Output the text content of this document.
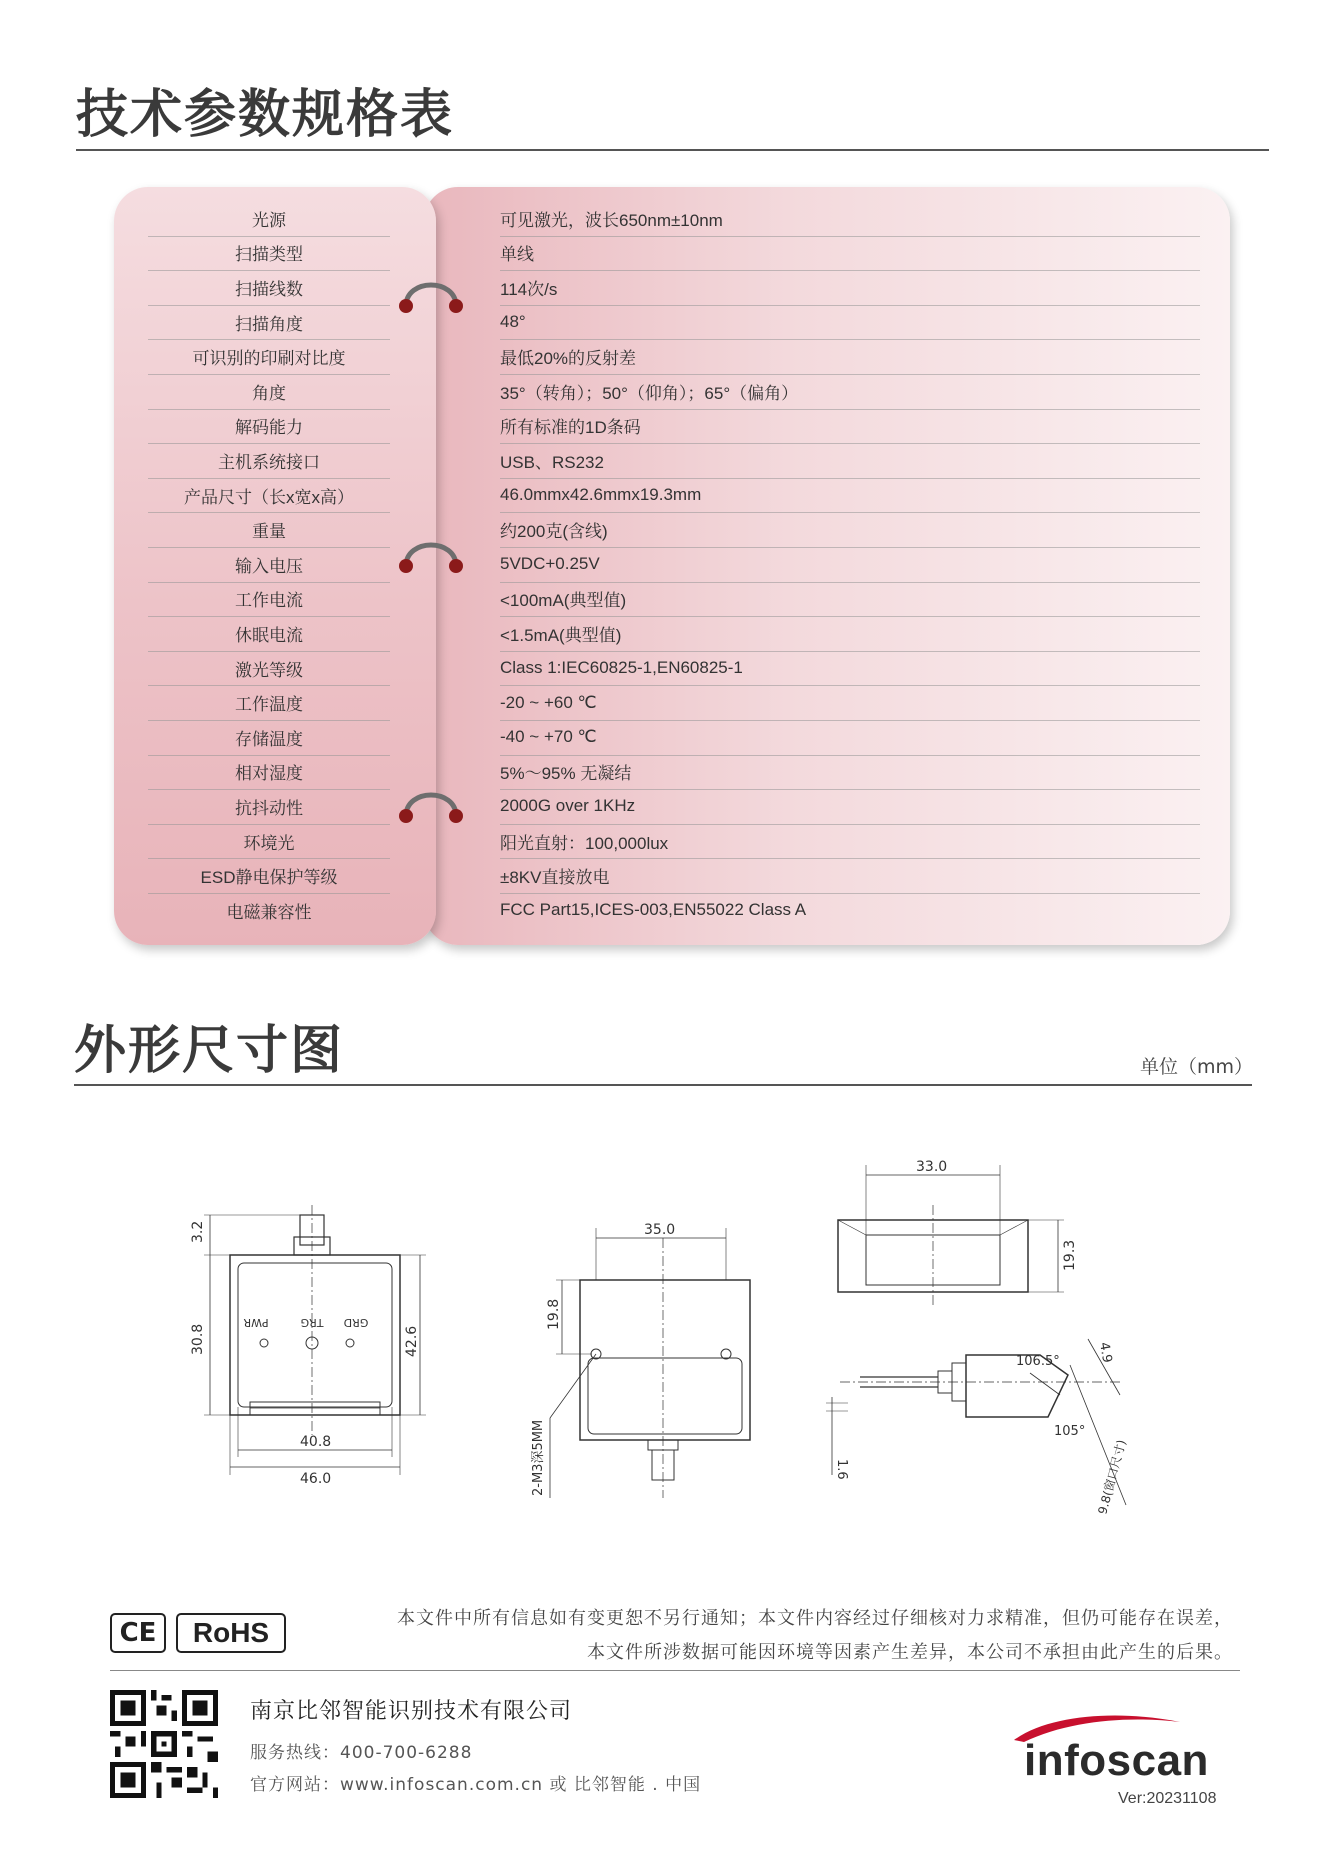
技术参数规格表
光源	可见激光，波长650nm±10nm
扫描类型	单线
扫描线数	114次/s
扫描角度	48°
可识别的印刷对比度	最低20%的反射差
角度	35°（转角）；50°（仰角）；65°（偏角）
解码能力	所有标准的1D条码
主机系统接口	USB、RS232
产品尺寸（长x宽x高）	46.0mmx42.6mmx19.3mm
重量	约200克(含线)
输入电压	5VDC+0.25V
工作电流	<100mA(典型值)
休眠电流	<1.5mA(典型值)
激光等级	Class 1:IEC60825-1,EN60825-1
工作温度	-20 ~ +60 ℃
存储温度	-40 ~ +70 ℃
相对湿度	5%～95% 无凝结
抗抖动性	2000G over 1KHz
环境光	阳光直射：100,000lux
ESD静电保护等级	±8KV直接放电
电磁兼容性	FCC Part15,ICES-003,EN55022 Class A
外形尺寸图	单位（mm）
3.2
30.8	42.6
40.8
46.0
PWR	TRG GRD
35.0
19.8
2-M3深5MM
33.0
19.3
106.5°
105°
4.9
1.6	9.8(窗口尺寸)
CE RoHS	本文件中所有信息如有变更恕不另行通知；本文件内容经过仔细核对力求精准，但仍可能存在误差，
本文件所涉数据可能因环境等因素产生差异，本公司不承担由此产生的后果。
南京比邻智能识别技术有限公司
服务热线：400-700-6288
官方网站：www.infoscan.com.cn 或 比邻智能 . 中国	infoscan
Ver:20231108
